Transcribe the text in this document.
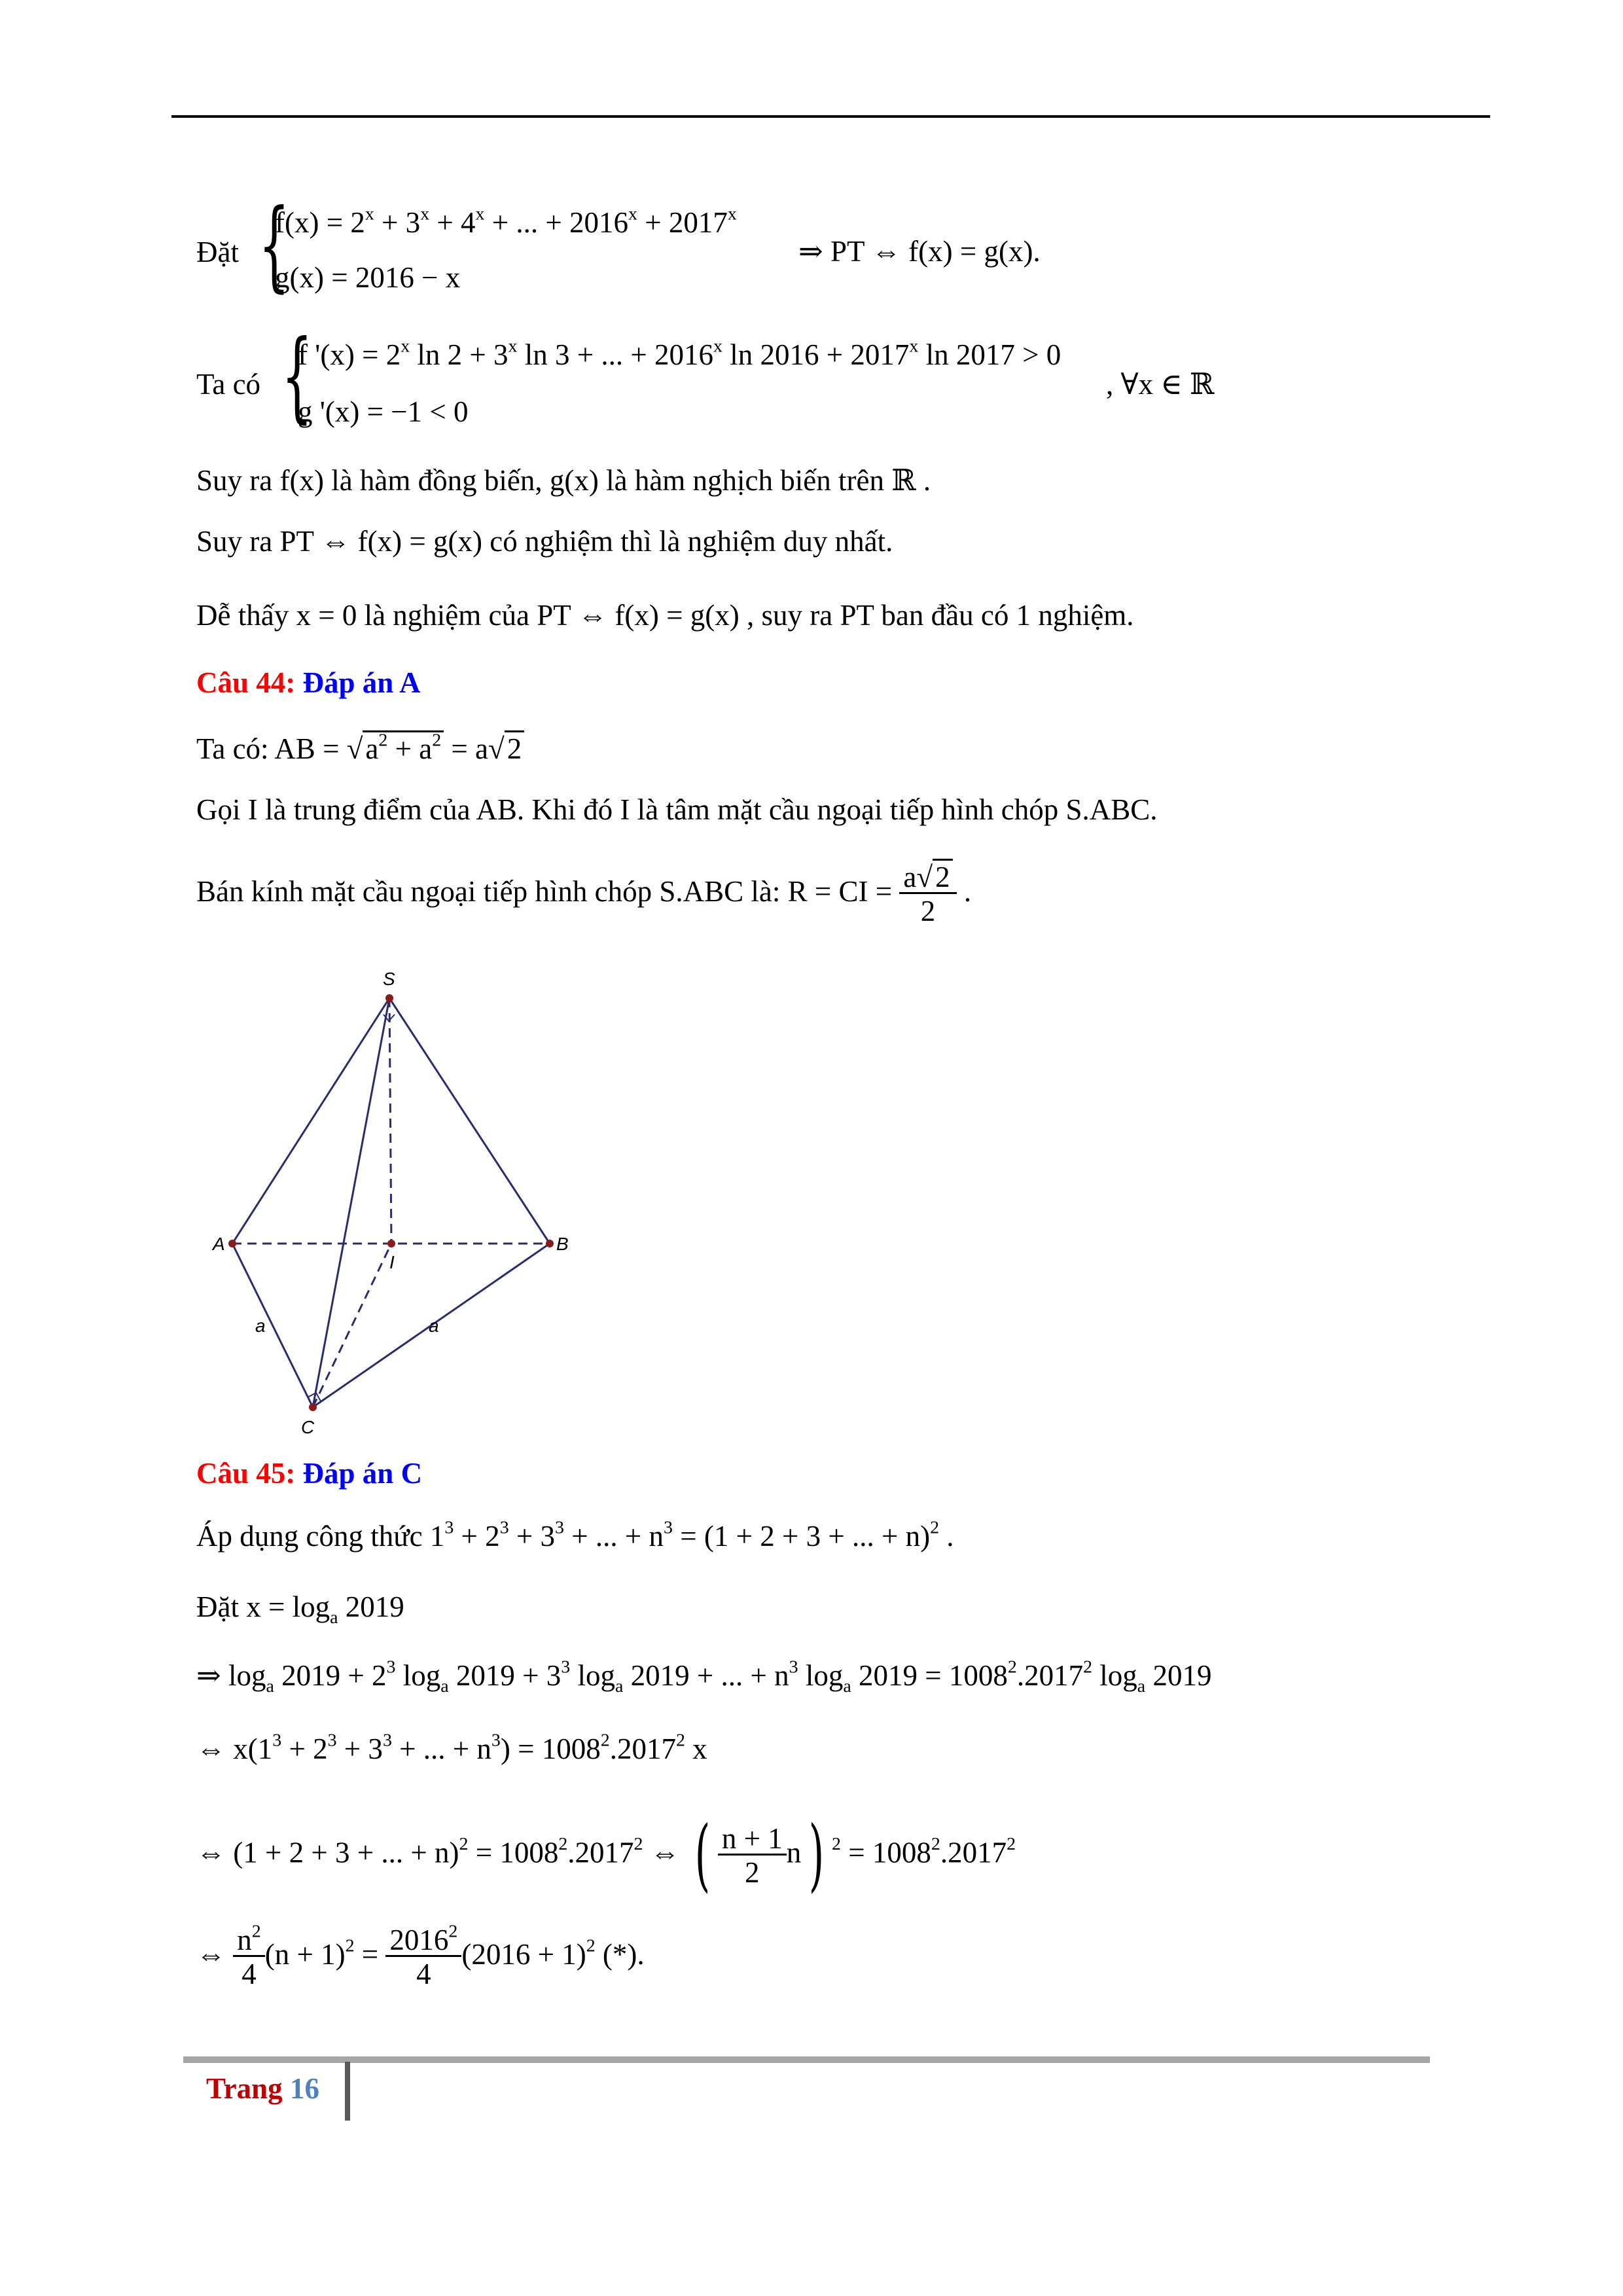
Đặt {
$f(x) = 2^x + 3^x + 4^x$ + ... + $2016^x + 2017^x$
g(x) = 2016 − x
⇒ PT ⇔ f(x) = g(x).
Ta có {
f '$(x) = 2^x$ $\ln 2 + 3^x$ ln 3 + ... + $2016^x$ $\ln 2016 + 2017^x$ ln 2017 > 0
g '(x) = −1 < 0
, ∀x ∈ ℝ
Suy ra f(x) là hàm đồng biến, g(x) là hàm nghịch biến trên ℝ .
Suy ra PT ⇔ f(x) = g(x) có nghiệm thì là nghiệm duy nhất.
Dễ thấy x = 0 là nghiệm của PT ⇔ f(x) = g(x) , suy ra PT ban đầu có 1 nghiệm.
Câu 44: Đáp án A
Ta có: AB = $√a^2 + a^2 = a√2$
Gọi I là trung điểm của AB. Khi đó I là tâm mặt cầu ngoại tiếp hình chóp S.ABC.
Bán kính mặt cầu ngoại tiếp hình chóp S.ABC là: R = CI = $\frac{a√2}{2}$ .
S
A	B
I
C
a	a
Câu 45: Đáp án C
Áp dụng công thức $1^3 + 2^3 + 3^3$ + ... + $n^3 = (1 + 2 + 3$ + ... + n)$^2$ .
Đặt $x = \log_a 2019$
⇒ $\log_a 2019 + 2^3$ $\log_a 2019 + 3^3$ $\log_a 2019$ + ... + $n^3$ $\log_a 2019 = 1008^2.2017^2$ $\log_a 2019$
⇔ $x(1^3 + 2^3 + 3^3$ + ... + $n^3) = 1008^2.2017^2$ x
⇔ (1 + 2 + 3 + ... + $n)^2 = 1008^2.2017^2$ ⇔ ( $\frac{n + 1}{2} n$) $^2 = 1008^2.2017^2$
⇔ $\frac{n^2}{4} (n + 1)^2 = \frac{2016^2}{4} (2016 + 1)^2$ (*).
Trang 16
